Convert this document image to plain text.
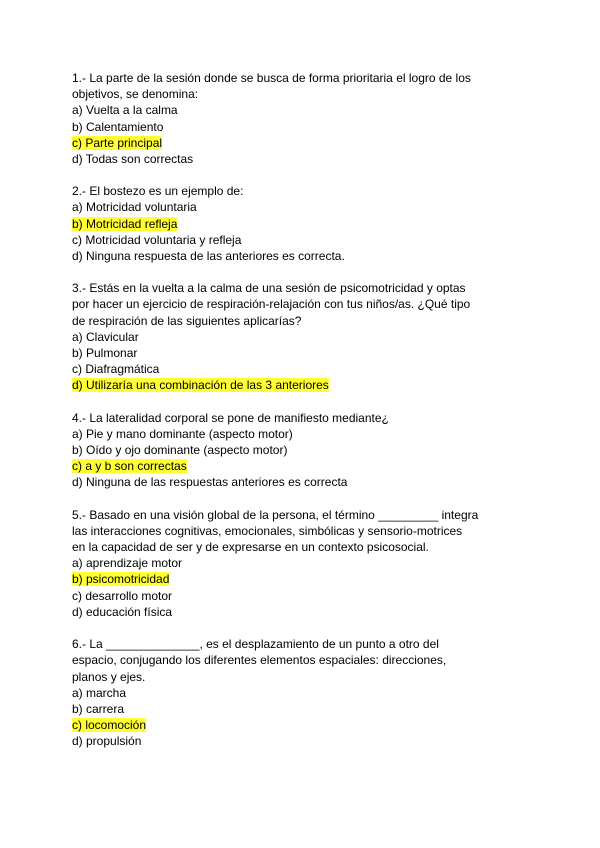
1.- La parte de la sesión donde se busca de forma prioritaria el logro de los
objetivos, se denomina:
a) Vuelta a la calma
b) Calentamiento
c) Parte principal
d) Todas son correctas
2.- El bostezo es un ejemplo de:
a) Motricidad voluntaria
b) Motricidad refleja
c) Motricidad voluntaria y refleja
d) Ninguna respuesta de las anteriores es correcta.
3.- Estás en la vuelta a la calma de una sesión de psicomotricidad y optas
por hacer un ejercicio de respiración-relajación con tus niños/as. ¿Qué tipo
de respiración de las siguientes aplicarías?
a) Clavicular
b) Pulmonar
c) Diafragmática
d) Utilizaría una combinación de las 3 anteriores
4.- La lateralidad corporal se pone de manifiesto mediante¿
a) Pie y mano dominante (aspecto motor)
b) Oído y ojo dominante (aspecto motor)
c) a y b son correctas
d) Ninguna de las respuestas anteriores es correcta
5.- Basado en una visión global de la persona, el término _________ integra
las interacciones cognitivas, emocionales, simbólicas y sensorio-motrices
en la capacidad de ser y de expresarse en un contexto psicosocial.
a) aprendizaje motor
b) psicomotricidad
c) desarrollo motor
d) educación física
6.- La ______________, es el desplazamiento de un punto a otro del
espacio, conjugando los diferentes elementos espaciales: direcciones,
planos y ejes.
a) marcha
b) carrera
c) locomoción
d) propulsión
